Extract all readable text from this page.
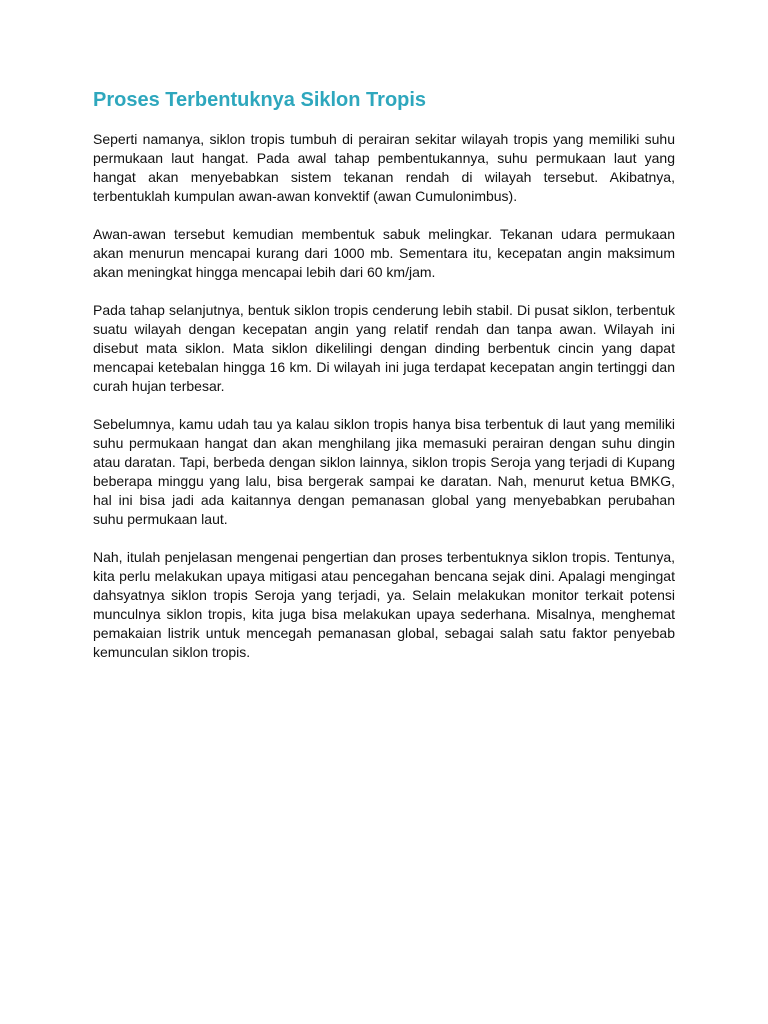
Proses Terbentuknya Siklon Tropis

Seperti namanya, siklon tropis tumbuh di perairan sekitar wilayah tropis yang memiliki suhu permukaan laut hangat. Pada awal tahap pembentukannya, suhu permukaan laut yang hangat akan menyebabkan sistem tekanan rendah di wilayah tersebut. Akibatnya, terbentuklah kumpulan awan-awan konvektif (awan Cumulonimbus).

Awan-awan tersebut kemudian membentuk sabuk melingkar. Tekanan udara permukaan akan menurun mencapai kurang dari 1000 mb. Sementara itu, kecepatan angin maksimum akan meningkat hingga mencapai lebih dari 60 km/jam.

Pada tahap selanjutnya, bentuk siklon tropis cenderung lebih stabil. Di pusat siklon, terbentuk suatu wilayah dengan kecepatan angin yang relatif rendah dan tanpa awan. Wilayah ini disebut mata siklon. Mata siklon dikelilingi dengan dinding berbentuk cincin yang dapat mencapai ketebalan hingga 16 km. Di wilayah ini juga terdapat kecepatan angin tertinggi dan curah hujan terbesar.

Sebelumnya, kamu udah tau ya kalau siklon tropis hanya bisa terbentuk di laut yang memiliki suhu permukaan hangat dan akan menghilang jika memasuki perairan dengan suhu dingin atau daratan. Tapi, berbeda dengan siklon lainnya, siklon tropis Seroja yang terjadi di Kupang beberapa minggu yang lalu, bisa bergerak sampai ke daratan. Nah, menurut ketua BMKG, hal ini bisa jadi ada kaitannya dengan pemanasan global yang menyebabkan perubahan suhu permukaan laut.

Nah, itulah penjelasan mengenai pengertian dan proses terbentuknya siklon tropis. Tentunya, kita perlu melakukan upaya mitigasi atau pencegahan bencana sejak dini. Apalagi mengingat dahsyatnya siklon tropis Seroja yang terjadi, ya. Selain melakukan monitor terkait potensi munculnya siklon tropis, kita juga bisa melakukan upaya sederhana. Misalnya, menghemat pemakaian listrik untuk mencegah pemanasan global, sebagai salah satu faktor penyebab kemunculan siklon tropis.
